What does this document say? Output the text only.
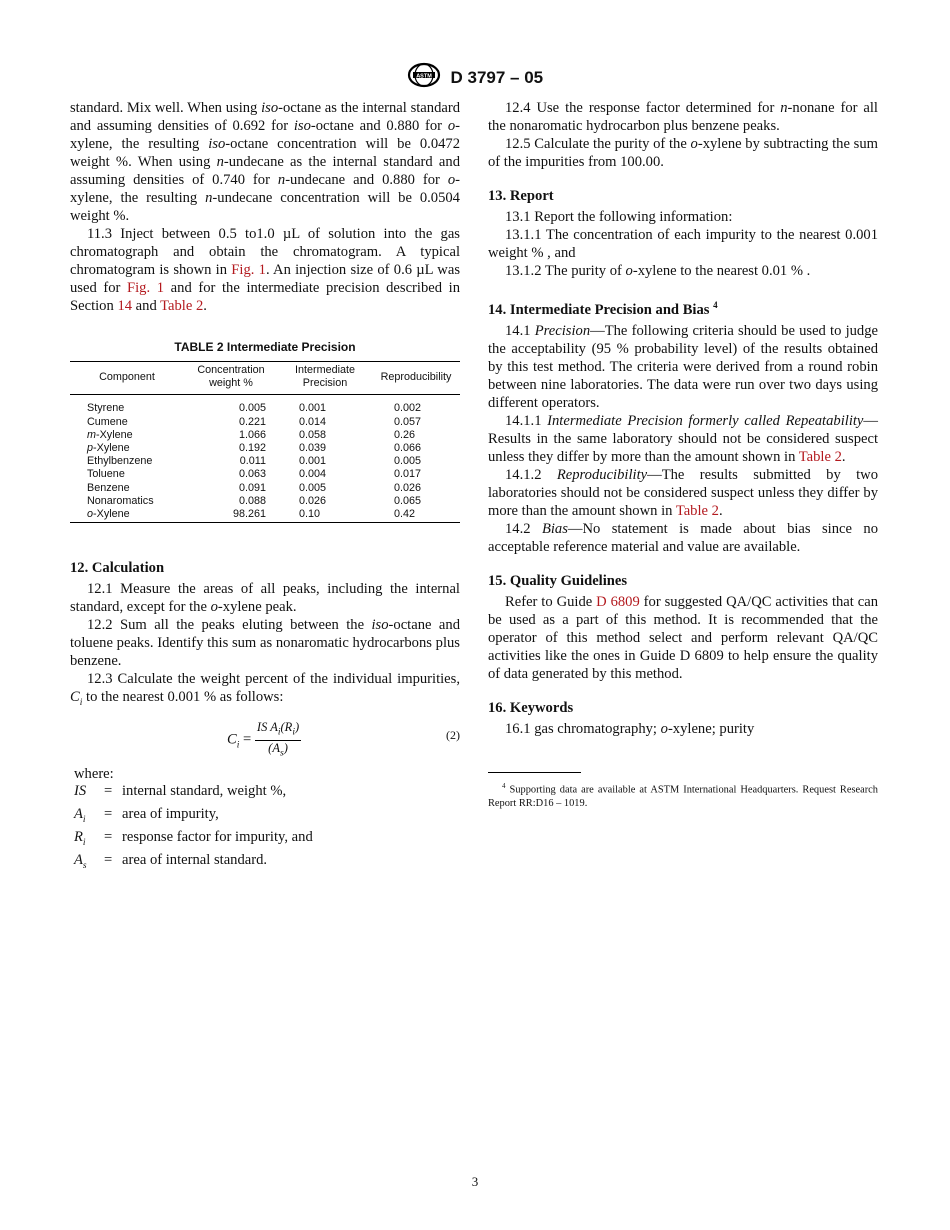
ASTM D 3797 – 05

standard. Mix well. When using iso-octane as the internal standard and assuming densities of 0.692 for iso-octane and 0.880 for o-xylene, the resulting iso-octane concentration will be 0.0472 weight %. When using n-undecane as the internal standard and assuming densities of 0.740 for n-undecane and 0.880 for o-xylene, the resulting n-undecane concentration will be 0.0504 weight %.

11.3 Inject between 0.5 to1.0 µL of solution into the gas chromatograph and obtain the chromatogram. A typical chromatogram is shown in Fig. 1. An injection size of 0.6 µL was used for Fig. 1 and for the intermediate precision described in Section 14 and Table 2.

TABLE 2 Intermediate Precision
Component	Concentration weight %	Intermediate Precision	Reproducibility
Styrene	0.005	0.001	0.002
Cumene	0.221	0.014	0.057
m-Xylene	1.066	0.058	0.26
p-Xylene	0.192	0.039	0.066
Ethylbenzene	0.011	0.001	0.005
Toluene	0.063	0.004	0.017
Benzene	0.091	0.005	0.026
Nonaromatics	0.088	0.026	0.065
o-Xylene	98.261	0.10	0.42

12. Calculation

12.1 Measure the areas of all peaks, including the internal standard, except for the o-xylene peak.

12.2 Sum all the peaks eluting between the iso-octane and toluene peaks. Identify this sum as nonaromatic hydrocarbons plus benzene.

12.3 Calculate the weight percent of the individual impurities, $C_i$ to the nearest 0.001 % as follows:

$C_i = \frac{IS A_i(R_i)}{(A_s)}$	(2)
where:
IS	= internal standard, weight %,
$A_i$	= area of impurity,
$R_i$	= response factor for impurity, and
$A_s$	= area of internal standard.

12.4 Use the response factor determined for n-nonane for all the nonaromatic hydrocarbon plus benzene peaks.

12.5 Calculate the purity of the o-xylene by subtracting the sum of the impurities from 100.00.

13. Report

13.1 Report the following information:

13.1.1 The concentration of each impurity to the nearest 0.001 weight % , and

13.1.2 The purity of o-xylene to the nearest 0.01 % .

14. Intermediate Precision and Bias $^4$

14.1 Precision—The following criteria should be used to judge the acceptability (95 % probability level) of the results obtained by this test method. The criteria were derived from a round robin between nine laboratories. The data were run over two days using different operators.

14.1.1 Intermediate Precision formerly called Repeatability—Results in the same laboratory should not be considered suspect unless they differ by more than the amount shown in Table 2.

14.1.2 Reproducibility—The results submitted by two laboratories should not be considered suspect unless they differ by more than the amount shown in Table 2.

14.2 Bias—No statement is made about bias since no acceptable reference material and value are available.

15. Quality Guidelines

Refer to Guide D 6809 for suggested QA/QC activities that can be used as a part of this method. It is recommended that the operator of this method select and perform relevant QA/QC activities like the ones in Guide D 6809 to help ensure the quality of data generated by this method.

16. Keywords

16.1 gas chromatography; o-xylene; purity

$^4$ Supporting data are available at ASTM International Headquarters. Request Research Report RR:D16 – 1019.

3
